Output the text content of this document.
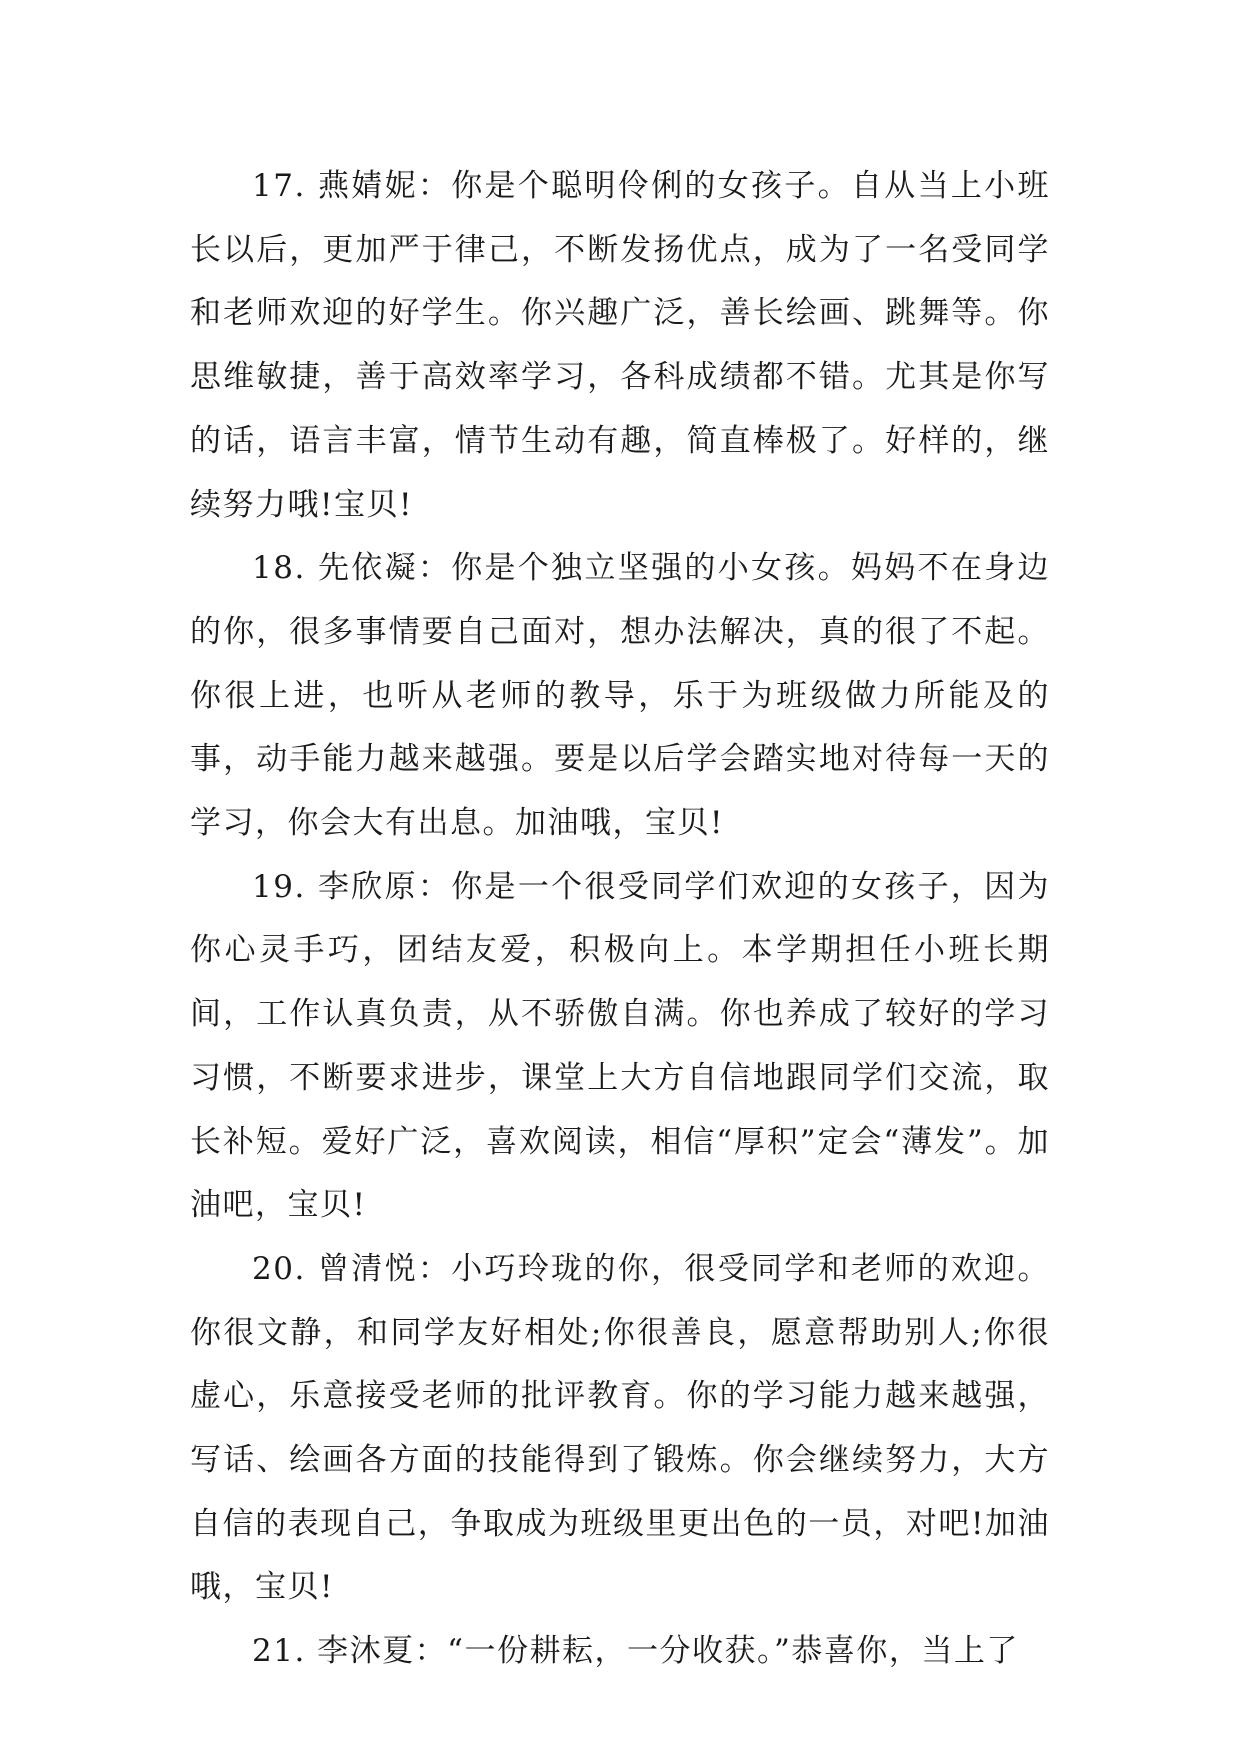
17. 燕婧妮：你是个聪明伶俐的女孩子。自从当上小班长以后，更加严于律己，不断发扬优点，成为了一名受同学和老师欢迎的好学生。你兴趣广泛，善长绘画、跳舞等。你思维敏捷，善于高效率学习，各科成绩都不错。尤其是你写的话，语言丰富，情节生动有趣，简直棒极了。好样的，继续努力哦!宝贝!

18. 先依凝：你是个独立坚强的小女孩。妈妈不在身边的你，很多事情要自己面对，想办法解决，真的很了不起。你很上进，也听从老师的教导，乐于为班级做力所能及的事，动手能力越来越强。要是以后学会踏实地对待每一天的学习，你会大有出息。加油哦，宝贝!

19. 李欣原：你是一个很受同学们欢迎的女孩子，因为你心灵手巧，团结友爱，积极向上。本学期担任小班长期间，工作认真负责，从不骄傲自满。你也养成了较好的学习习惯，不断要求进步，课堂上大方自信地跟同学们交流，取长补短。爱好广泛，喜欢阅读，相信“厚积”定会“薄发”。加油吧，宝贝!

20. 曾清悦：小巧玲珑的你，很受同学和老师的欢迎。你很文静，和同学友好相处;你很善良，愿意帮助别人;你很虚心，乐意接受老师的批评教育。你的学习能力越来越强，写话、绘画各方面的技能得到了锻炼。你会继续努力，大方自信的表现自己，争取成为班级里更出色的一员，对吧!加油哦，宝贝!

21. 李沐夏：“一份耕耘，一分收获。”恭喜你，当上了
